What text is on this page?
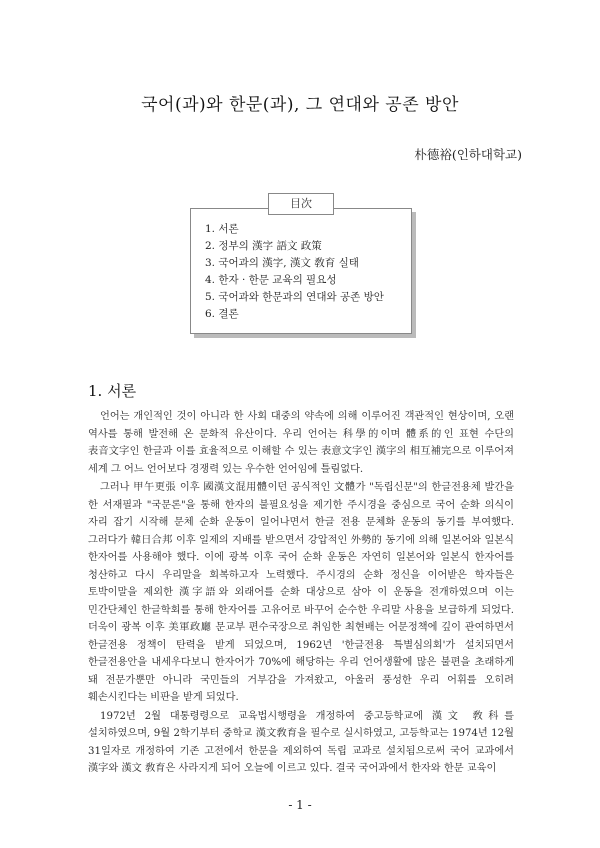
국어(과)와 한문(과), 그 연대와 공존 방안
朴德裕(인하대학교)
1. 서론
2. 정부의 漢字 語文 政策
3. 국어과의 漢字, 漢文 敎育 실태
4. 한자 · 한문 교육의 필요성
5. 국어과와 한문과의 연대와 공존 방안
6. 결론
目次
1. 서론

언어는 개인적인 것이 아니라 한 사회 대중의 약속에 의해 이루어진 객관적인 현상이며, 오랜 역사를 통해 발전해 온 문화적 유산이다. 우리 언어는 科學的이며 體系的인 표현 수단의 表音文字인 한글과 이를 효율적으로 이해할 수 있는 表意文字인 漢字의 相互補完으로 이루어져 세계 그 어느 언어보다 경쟁력 있는 우수한 언어임에 틀림없다.

그러나 甲午更張 이후 國漢文混用體이던 공식적인 文體가 "독립신문"의 한글전용체 발간을 한 서재필과 "국문론"을 통해 한자의 불필요성을 제기한 주시경을 중심으로 국어 순화 의식이 자리 잡기 시작해 문체 순화 운동이 일어나면서 한글 전용 문체화 운동의 동기를 부여했다. 그러다가 韓日合邦 이후 일제의 지배를 받으면서 강압적인 外勢的 동기에 의해 일본어와 일본식 한자어를 사용해야 했다. 이에 광복 이후 국어 순화 운동은 자연히 일본어와 일본식 한자어를 청산하고 다시 우리말을 회복하고자 노력했다. 주시경의 순화 정신을 이어받은 학자들은 토박이말을 제외한 漢字語와 외래어를 순화 대상으로 삼아 이 운동을 전개하였으며 이는 민간단체인 한글학회를 통해 한자어를 고유어로 바꾸어 순수한 우리말 사용을 보급하게 되었다. 더욱이 광복 이후 美軍政廳 문교부 편수국장으로 취임한 최현배는 어문정책에 깊이 관여하면서 한글전용 정책이 탄력을 받게 되었으며, 1962년 '한글전용 특별심의회'가 설치되면서 한글전용안을 내세우다보니 한자어가 70%에 해당하는 우리 언어생활에 많은 불편을 초래하게 돼 전문가뿐만 아니라 국민들의 거부감을 가져왔고, 아울러 풍성한 우리 어휘를 오히려 훼손시킨다는 비판을 받게 되었다.

1972년 2월 대통령령으로 교육법시행령을 개정하여 중고등학교에 漢文 敎科를 설치하였으며, 9월 2학기부터 중학교 漢文敎育을 필수로 실시하였고, 고등학교는 1974년 12월 31일자로 개정하여 기존 고전에서 한문을 제외하여 독립 교과로 설치됨으로써 국어 교과에서 漢字와 漢文 敎育은 사라지게 되어 오늘에 이르고 있다. 결국 국어과에서 한자와 한문 교육이

- 1 -
